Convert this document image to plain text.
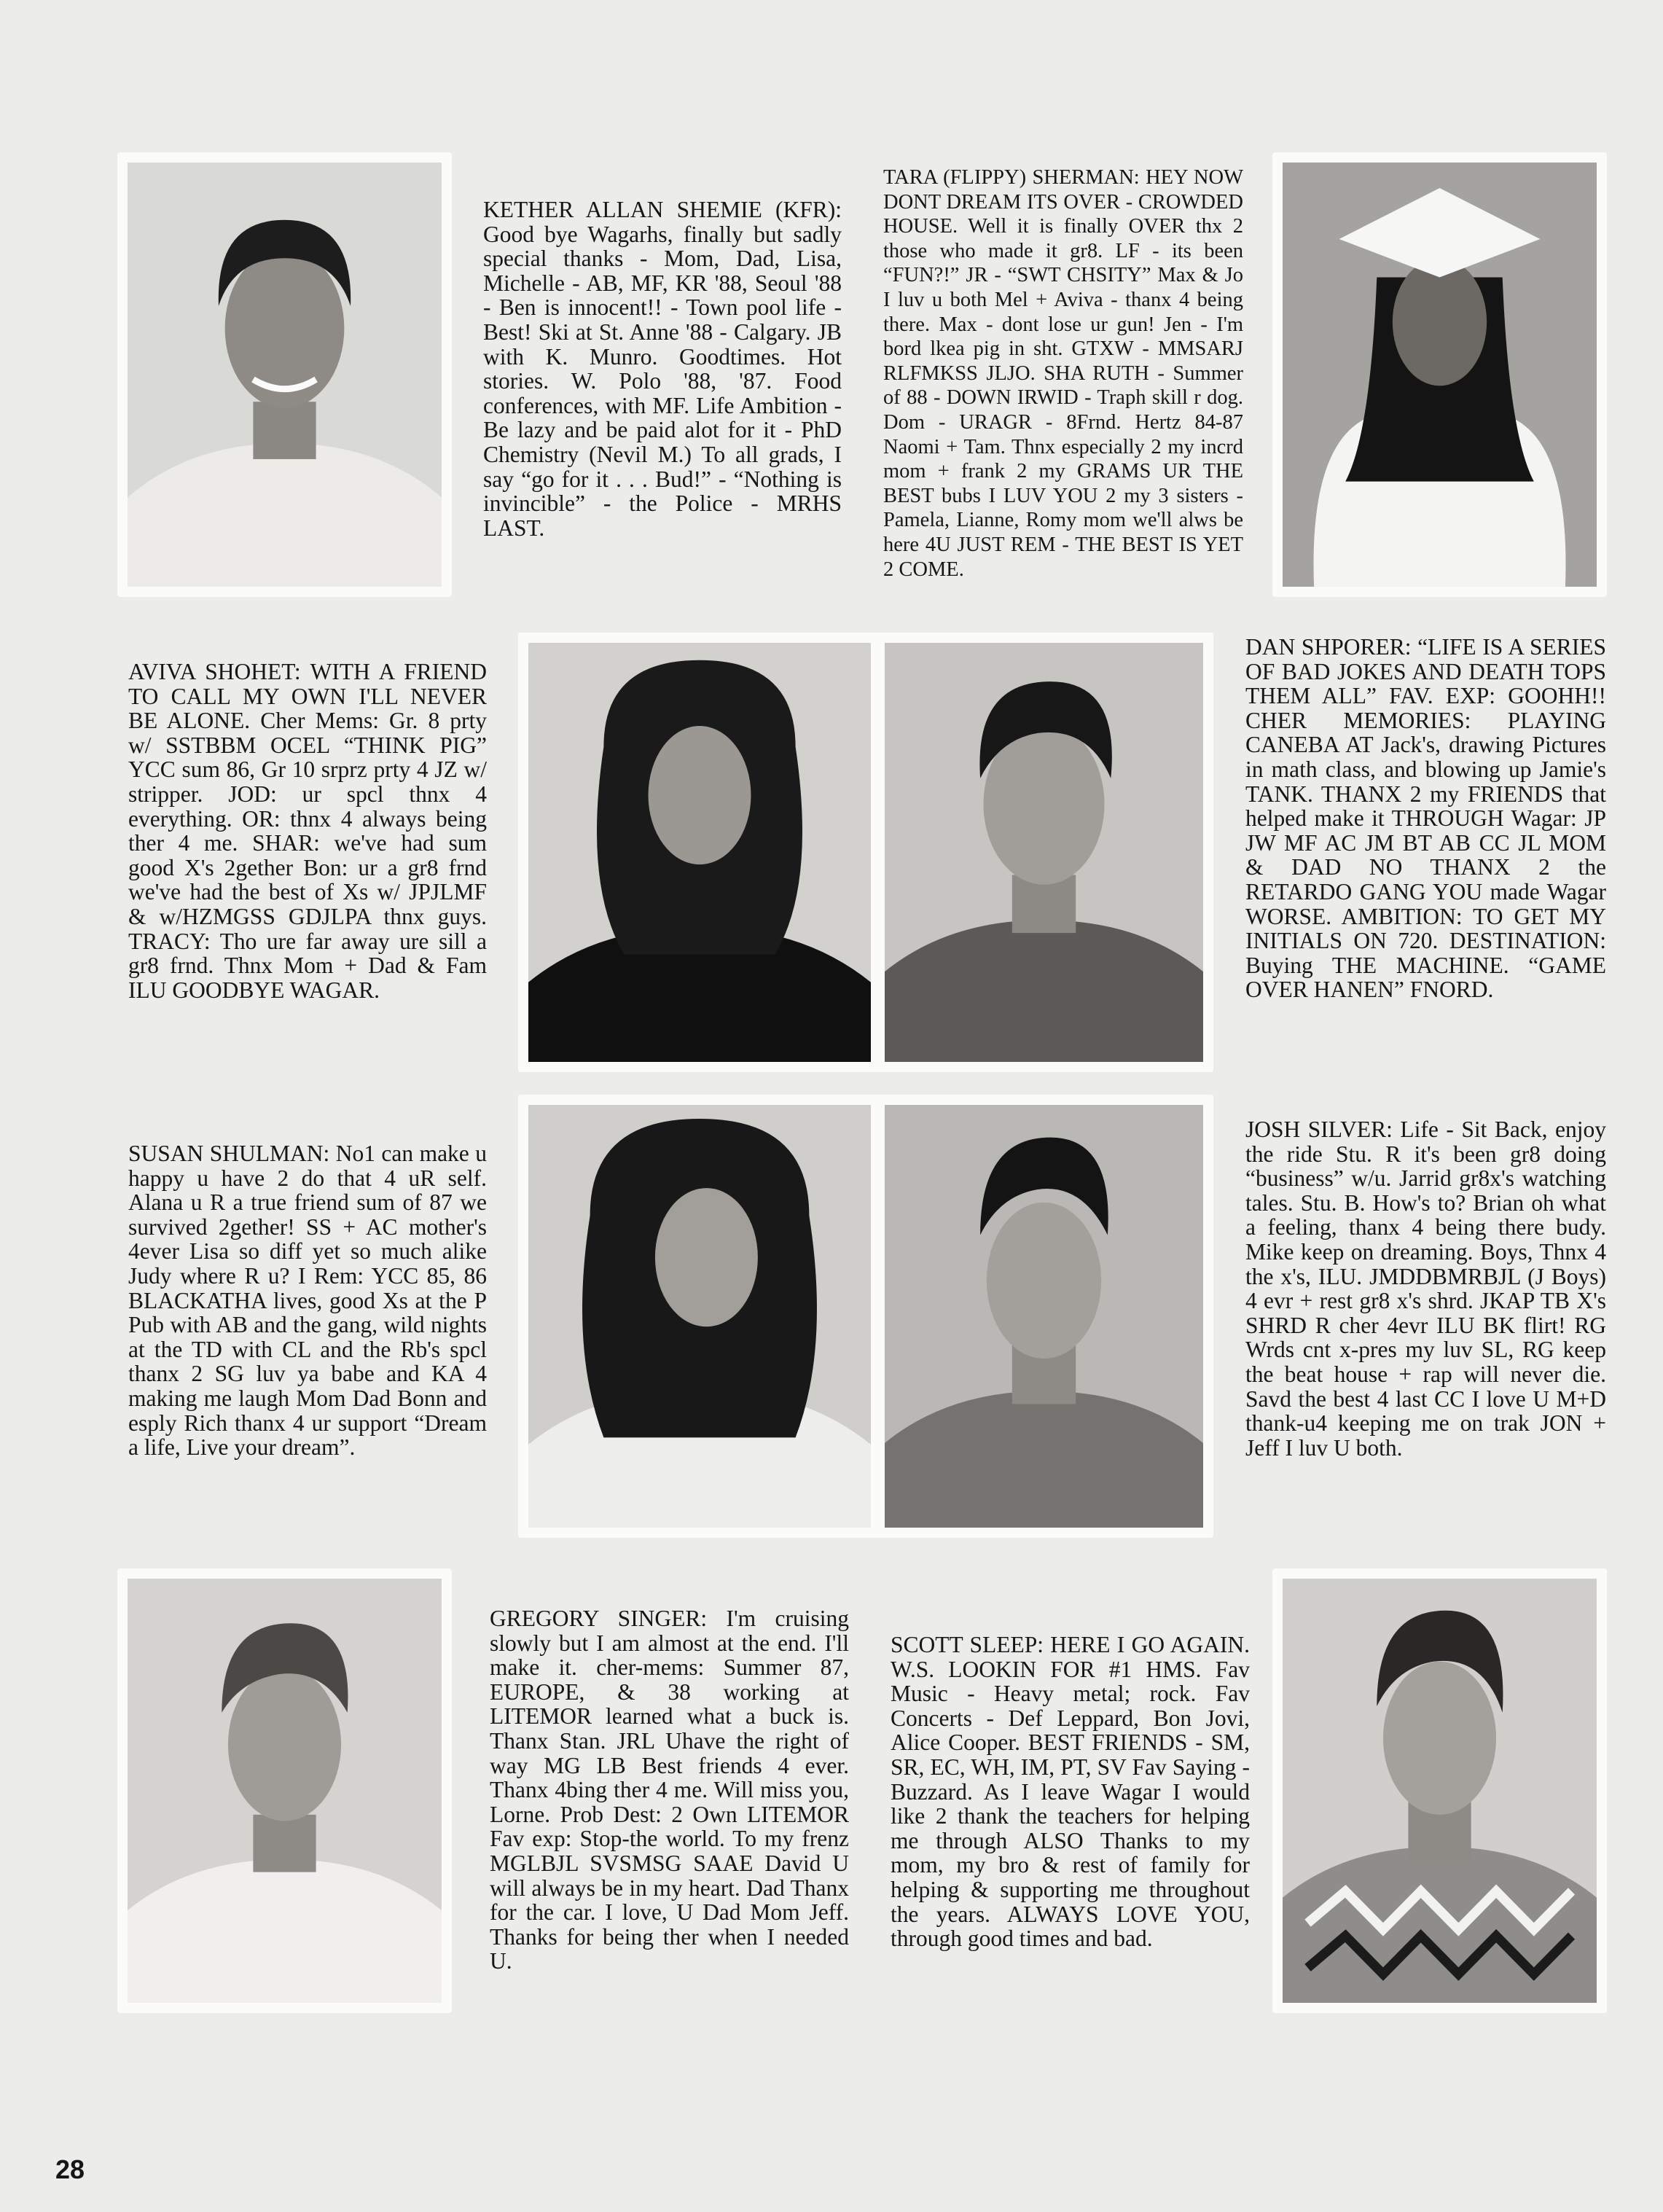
KETHER ALLAN SHEMIE (KFR): Good bye Wagarhs, finally but sadly special thanks - Mom, Dad, Lisa, Michelle - AB, MF, KR '88, Seoul '88 - Ben is innocent!! - Town pool life - Best! Ski at St. Anne '88 - Calgary. JB with K. Munro. Goodtimes. Hot stories. W. Polo '88, '87. Food conferences, with MF. Life Ambition - Be lazy and be paid alot for it - PhD Chemistry (Nevil M.) To all grads, I say “go for it . . . Bud!” - “Nothing is invincible” - the Police - MRHS LAST.

TARA (FLIPPY) SHERMAN: HEY NOW DONT DREAM ITS OVER - CROWDED HOUSE. Well it is finally OVER thx 2 those who made it gr8. LF - its been “FUN?!” JR - “SWT CHSITY” Max & Jo I luv u both Mel + Aviva - thanx 4 being there. Max - dont lose ur gun! Jen - I'm bord lkea pig in sht. GTXW - MMSARJ RLFMKSS JLJO. SHA RUTH - Summer of 88 - DOWN IRWID - Traph skill r dog. Dom - URAGR - 8Frnd. Hertz 84-87 Naomi + Tam. Thnx especially 2 my incrd mom + frank 2 my GRAMS UR THE BEST bubs I LUV YOU 2 my 3 sisters - Pamela, Lianne, Romy mom we'll alws be here 4U JUST REM - THE BEST IS YET 2 COME.

AVIVA SHOHET: WITH A FRIEND TO CALL MY OWN I'LL NEVER BE ALONE. Cher Mems: Gr. 8 prty w/ SSTBBM OCEL “THINK PIG” YCC sum 86, Gr 10 srprz prty 4 JZ w/ stripper. JOD: ur spcl thnx 4 everything. OR: thnx 4 always being ther 4 me. SHAR: we've had sum good X's 2gether Bon: ur a gr8 frnd we've had the best of Xs w/ JPJLMF & w/HZMGSS GDJLPA thnx guys. TRACY: Tho ure far away ure sill a gr8 frnd. Thnx Mom + Dad & Fam ILU GOODBYE WAGAR.

DAN SHPORER: “LIFE IS A SERIES OF BAD JOKES AND DEATH TOPS THEM ALL” FAV. EXP: GOOHH!! CHER MEMORIES: PLAYING CANEBA AT Jack's, drawing Pictures in math class, and blowing up Jamie's TANK. THANX 2 my FRIENDS that helped make it THROUGH Wagar: JP JW MF AC JM BT AB CC JL MOM & DAD NO THANX 2 the RETARDO GANG YOU made Wagar WORSE. AMBITION: TO GET MY INITIALS ON 720. DESTINATION: Buying THE MACHINE. “GAME OVER HANEN” FNORD.

SUSAN SHULMAN: No1 can make u happy u have 2 do that 4 uR self. Alana u R a true friend sum of 87 we survived 2gether! SS + AC mother's 4ever Lisa so diff yet so much alike Judy where R u? I Rem: YCC 85, 86 BLACKATHA lives, good Xs at the P Pub with AB and the gang, wild nights at the TD with CL and the Rb's spcl thanx 2 SG luv ya babe and KA 4 making me laugh Mom Dad Bonn and esply Rich thanx 4 ur support “Dream a life, Live your dream”.

JOSH SILVER: Life - Sit Back, enjoy the ride Stu. R it's been gr8 doing “business” w/u. Jarrid gr8x's watching tales. Stu. B. How's to? Brian oh what a feeling, thanx 4 being there budy. Mike keep on dreaming. Boys, Thnx 4 the x's, ILU. JMDDBMRBJL (J Boys) 4 evr + rest gr8 x's shrd. JKAP TB X's SHRD R cher 4evr ILU BK flirt! RG Wrds cnt x-pres my luv SL, RG keep the beat house + rap will never die. Savd the best 4 last CC I love U M+D thank-u4 keeping me on trak JON + Jeff I luv U both.

GREGORY SINGER: I'm cruising slowly but I am almost at the end. I'll make it. cher-mems: Summer 87, EUROPE, & 38 working at LITEMOR learned what a buck is. Thanx Stan. JRL Uhave the right of way MG LB Best friends 4 ever. Thanx 4bing ther 4 me. Will miss you, Lorne. Prob Dest: 2 Own LITEMOR Fav exp: Stop-the world. To my frenz MGLBJL SVSMSG SAAE David U will always be in my heart. Dad Thanx for the car. I love, U Dad Mom Jeff. Thanks for being ther when I needed U.

SCOTT SLEEP: HERE I GO AGAIN. W.S. LOOKIN FOR #1 HMS. Fav Music - Heavy metal; rock. Fav Concerts - Def Leppard, Bon Jovi, Alice Cooper. BEST FRIENDS - SM, SR, EC, WH, IM, PT, SV Fav Saying - Buzzard. As I leave Wagar I would like 2 thank the teachers for helping me through ALSO Thanks to my mom, my bro & rest of family for helping & supporting me throughout the years. ALWAYS LOVE YOU, through good times and bad.

28
